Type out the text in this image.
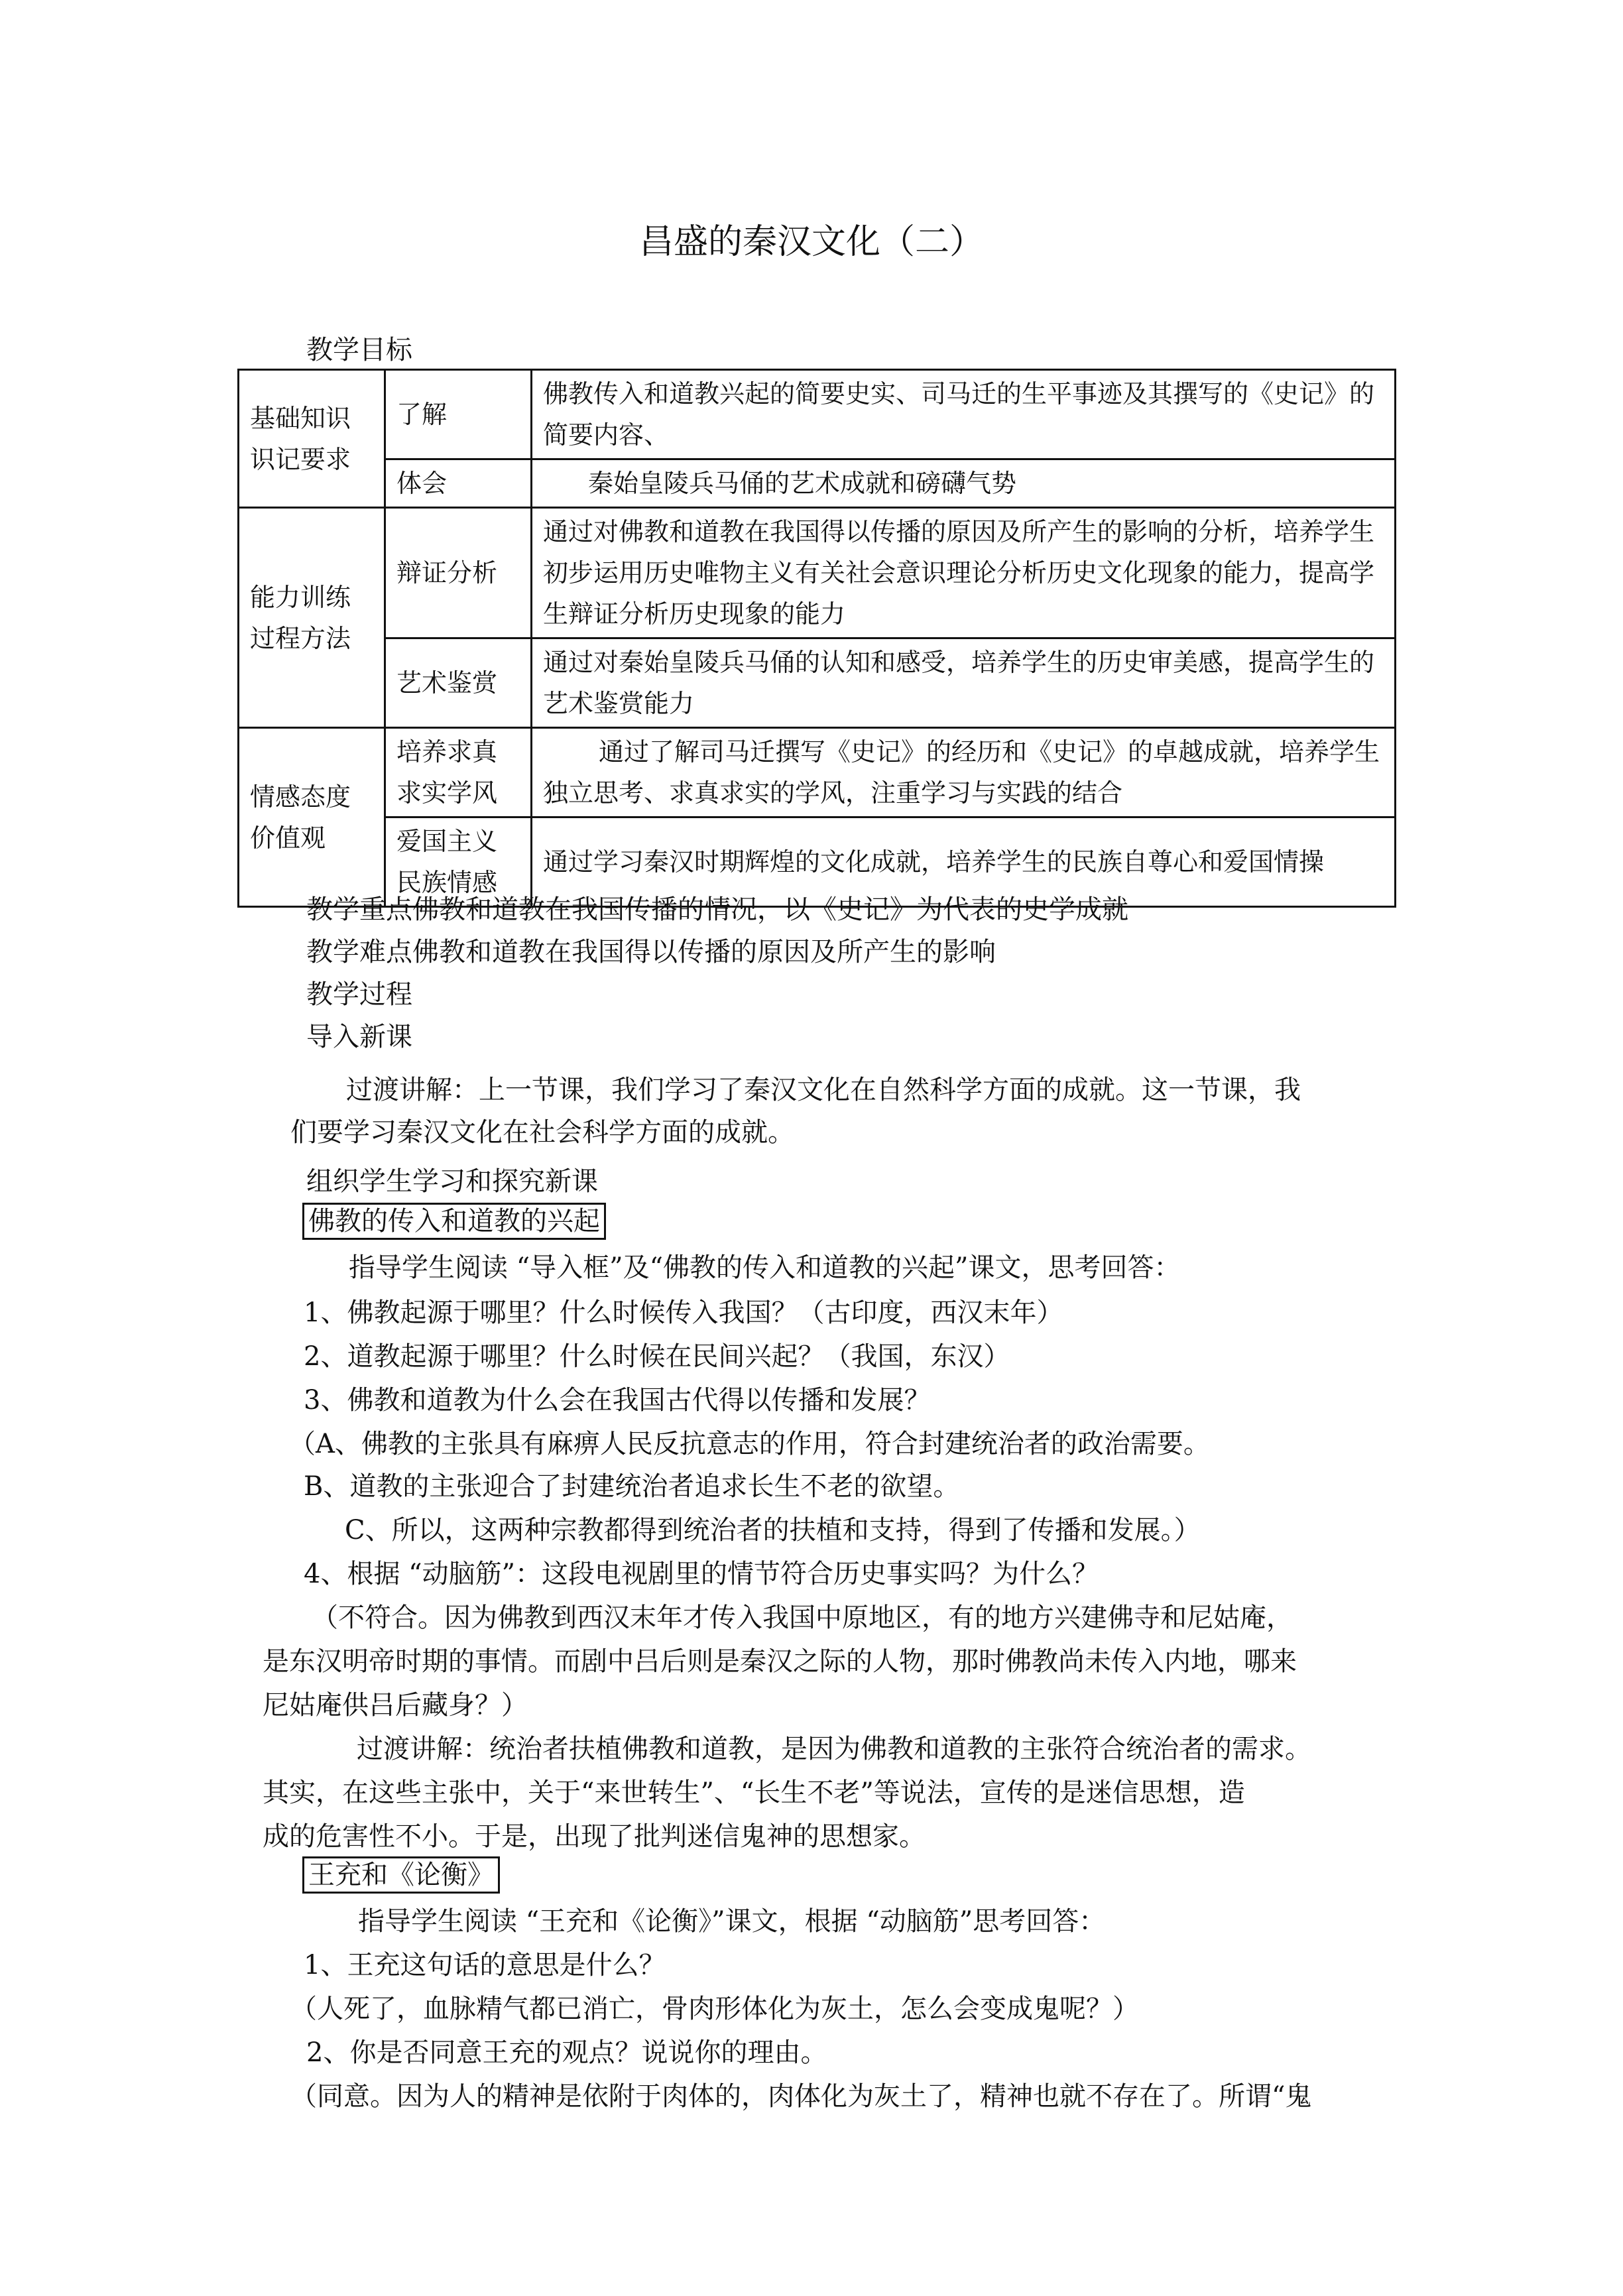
昌盛的秦汉文化（二）
教学目标
基础知识识记要求	了解	佛教传入和道教兴起的简要史实、司马迁的生平事迹及其撰写的《史记》的简要内容、
	体会	秦始皇陵兵马俑的艺术成就和磅礴气势
能力训练过程方法	辩证分析	通过对佛教和道教在我国得以传播的原因及所产生的影响的分析，培养学生初步运用历史唯物主义有关社会意识理论分析历史文化现象的能力，提高学生辩证分析历史现象的能力
	艺术鉴赏	通过对秦始皇陵兵马俑的认知和感受，培养学生的历史审美感，提高学生的艺术鉴赏能力
情感态度价值观	培养求真求实学风	通过了解司马迁撰写《史记》的经历和《史记》的卓越成就，培养学生独立思考、求真求实的学风，注重学习与实践的结合
	爱国主义民族情感	通过学习秦汉时期辉煌的文化成就，培养学生的民族自尊心和爱国情操
教学重点佛教和道教在我国传播的情况，以《史记》为代表的史学成就
教学难点佛教和道教在我国得以传播的原因及所产生的影响
教学过程
导入新课
过渡讲解：上一节课，我们学习了秦汉文化在自然科学方面的成就。这一节课，我
们要学习秦汉文化在社会科学方面的成就。
组织学生学习和探究新课
佛教的传入和道教的兴起
指导学生阅读 “导入框”及“佛教的传入和道教的兴起”课文，思考回答：
1、佛教起源于哪里？什么时候传入我国？（古印度，西汉末年）
2、道教起源于哪里？什么时候在民间兴起？（我国，东汉）
3、佛教和道教为什么会在我国古代得以传播和发展？
（A、佛教的主张具有麻痹人民反抗意志的作用，符合封建统治者的政治需要。
B、道教的主张迎合了封建统治者追求长生不老的欲望。
C、所以，这两种宗教都得到统治者的扶植和支持，得到了传播和发展。）
4、根据 “动脑筋”：这段电视剧里的情节符合历史事实吗？为什么？
（不符合。因为佛教到西汉末年才传入我国中原地区，有的地方兴建佛寺和尼姑庵，
是东汉明帝时期的事情。而剧中吕后则是秦汉之际的人物，那时佛教尚未传入内地，哪来
尼姑庵供吕后藏身？）
过渡讲解：统治者扶植佛教和道教，是因为佛教和道教的主张符合统治者的需求。
其实，在这些主张中，关于“来世转生”、“长生不老”等说法，宣传的是迷信思想，造
成的危害性不小。于是，出现了批判迷信鬼神的思想家。
王充和《论衡》
指导学生阅读 “王充和《论衡》”课文，根据 “动脑筋”思考回答：
1、王充这句话的意思是什么？
（人死了，血脉精气都已消亡，骨肉形体化为灰土，怎么会变成鬼呢？）
2、你是否同意王充的观点？说说你的理由。
（同意。因为人的精神是依附于肉体的，肉体化为灰土了，精神也就不存在了。所谓“鬼
